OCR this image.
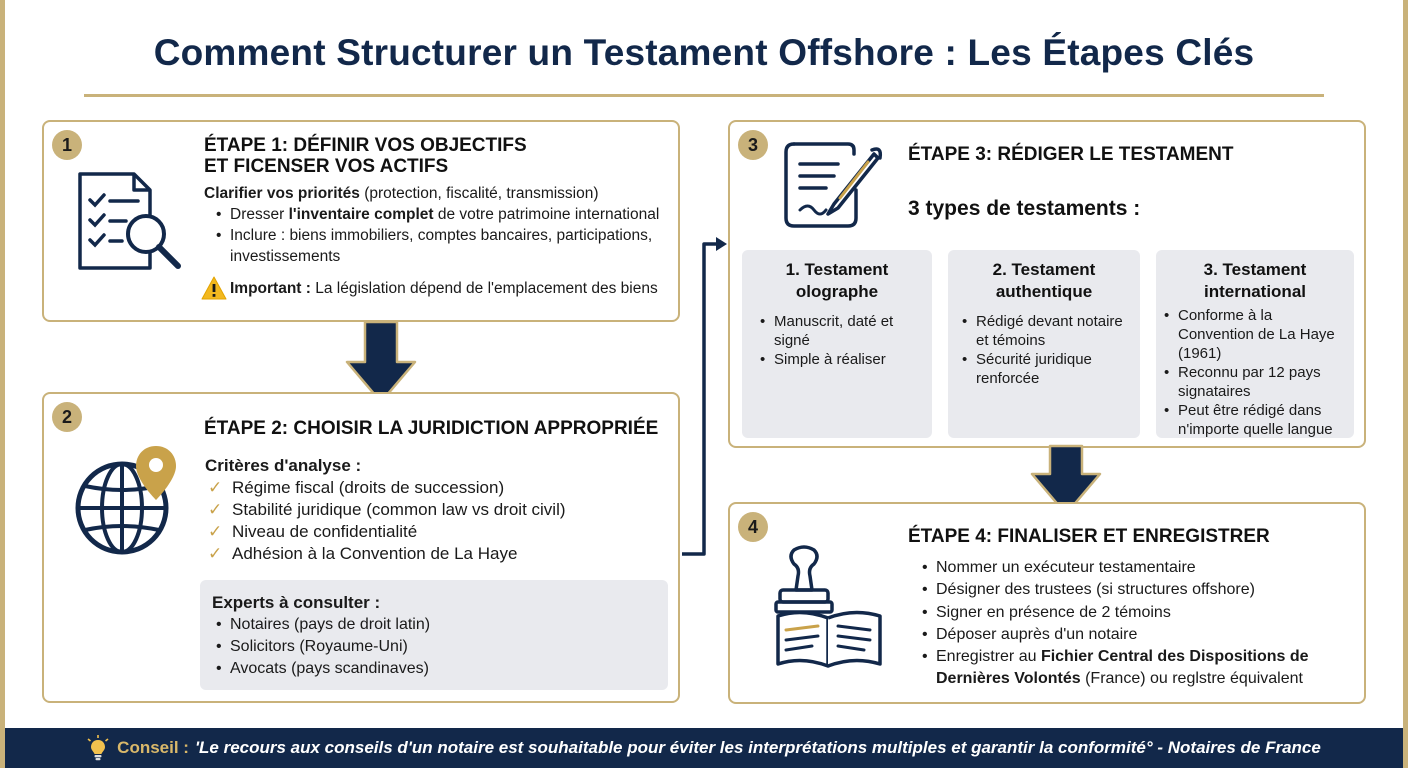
Comment Structurer un Testament Offshore : Les Étapes Clés
1	ÉTAPE 1: DÉFINIR VOS OBJECTIFS
ET FICENSER VOS ACTIFS
Clarifier vos priorités (protection, fiscalité, transmission)
• Dresser l'inventaire complet de votre patrimoine international
• Inclure : biens immobiliers, comptes bancaires, participations, investissements
Important : La législation dépend de l'emplacement des biens
2
ÉTAPE 2: CHOISIR LA JURIDICTION APPROPRIÉE
Critères d'analyse :
✓ Régime fiscal (droits de succession)
✓ Stabilité juridique (common law vs droit civil)
✓ Niveau de confidentialité
✓ Adhésion à la Convention de La Haye
Experts à consulter :
• Notaires (pays de droit latin)
• Solicitors (Royaume-Uni)
• Avocats (pays scandinaves)
3	ÉTAPE 3: RÉDIGER LE TESTAMENT
3 types de testaments :
1. Testament
olographe
• Manuscrit, daté et signé
• Simple à réaliser
2. Testament
authentique
• Rédigé devant notaire et témoins
• Sécurité juridique renforcée
3. Testament
international
• Conforme à la Convention de La Haye (1961)
• Reconnu par 12 pays signataires
• Peut être rédigé dans n'importe quelle langue
4	ÉTAPE 4: FINALISER ET ENREGISTRER
• Nommer un exécuteur testamentaire
• Désigner des trustees (si structures offshore)
• Signer en présence de 2 témoins
• Déposer auprès d'un notaire
• Enregistrer au Fichier Central des Dispositions de
Dernières Volontés (France) ou reglstre équivalent
Conseil : 'Le recours aux conseils d'un notaire est souhaitable pour éviter les interprétations multiples et garantir la conformité° - Notaires de France
